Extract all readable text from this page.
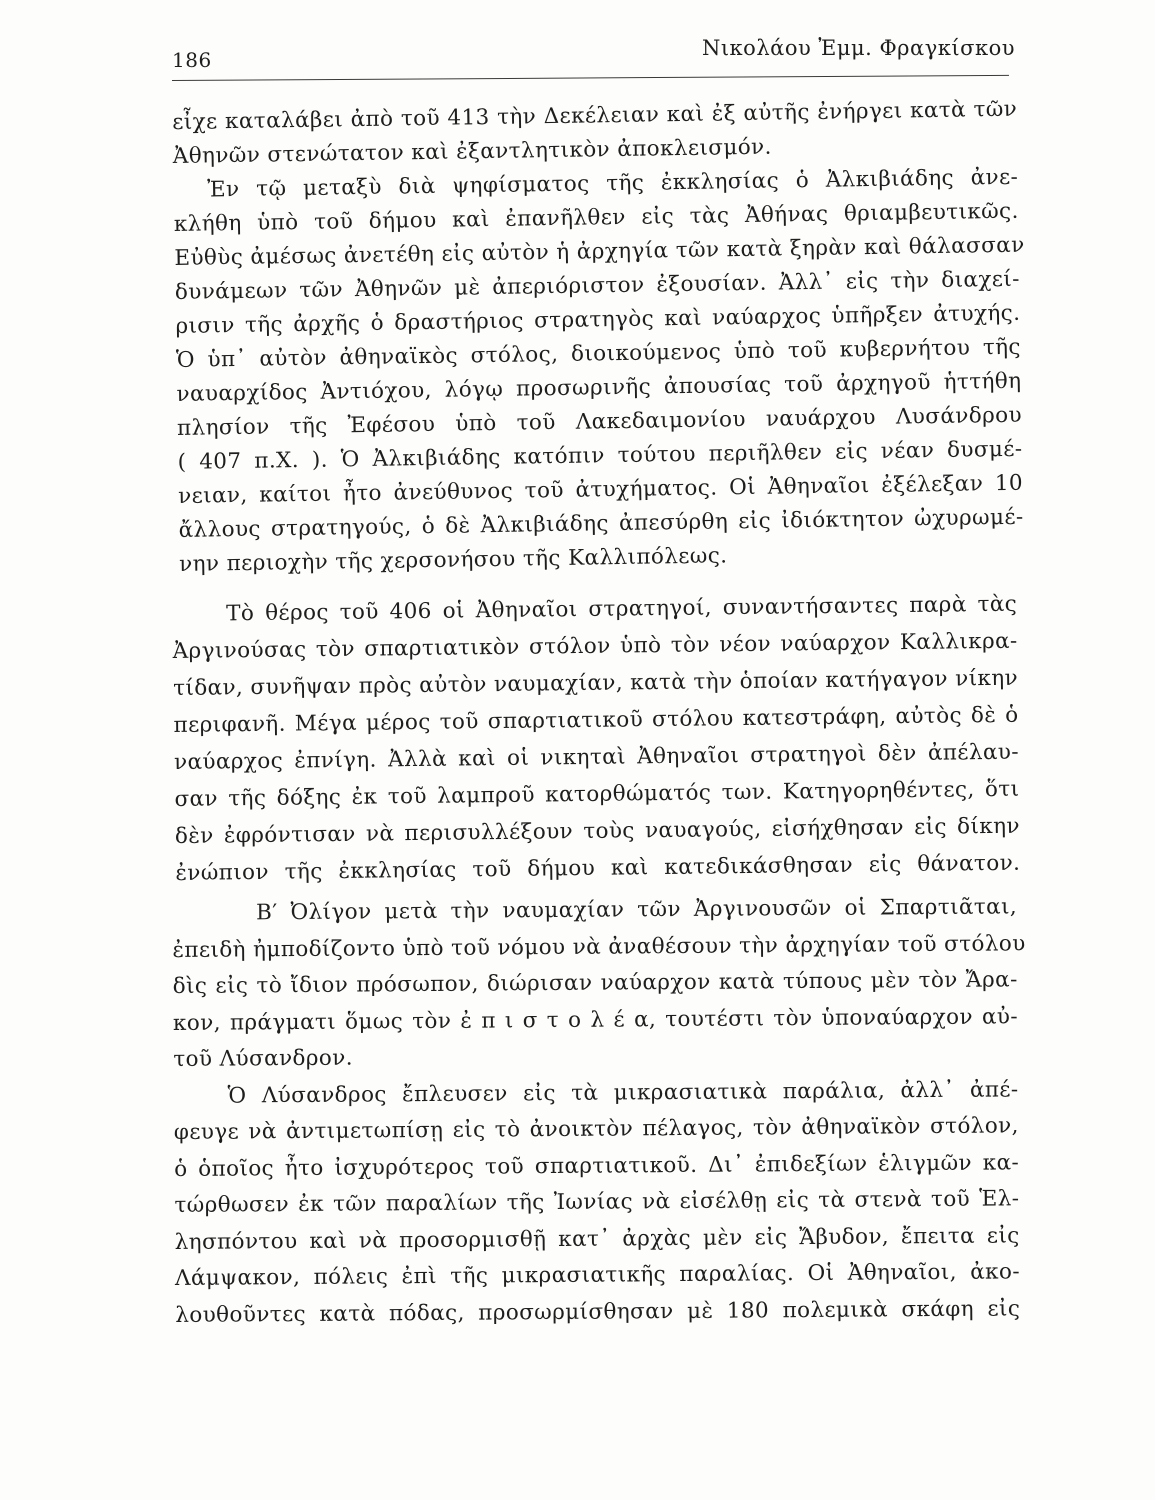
186	Νικολάου Ἐμμ. Φραγκίσκου
εἶχε καταλάβει ἀπὸ τοῦ 413 τὴν Δεκέλειαν καὶ ἐξ αὐτῆς ἐνήργει κατὰ τῶν
Ἀθηνῶν στενώτατον καὶ ἐξαντλητικὸν ἀποκλεισμόν.
Ἐν τῷ μεταξὺ διὰ ψηφίσματος τῆς ἐκκλησίας ὁ Ἀλκιβιάδης ἀνε-
κλήθη ὑπὸ τοῦ δήμου καὶ ἐπανῆλθεν εἰς τὰς Ἀθήνας θριαμβευτικῶς.
Εὐθὺς ἀμέσως ἀνετέθη εἰς αὐτὸν ἡ ἀρχηγία τῶν κατὰ ξηρὰν καὶ θάλασσαν
δυνάμεων τῶν Ἀθηνῶν μὲ ἀπεριόριστον ἐξουσίαν. Ἀλλ᾽ εἰς τὴν διαχεί-
ρισιν τῆς ἀρχῆς ὁ δραστήριος στρατηγὸς καὶ ναύαρχος ὑπῆρξεν ἀτυχής.
Ὁ ὑπ᾽ αὐτὸν ἀθηναϊκὸς στόλος, διοικούμενος ὑπὸ τοῦ κυβερνήτου τῆς
ναυαρχίδος Ἀντιόχου, λόγῳ προσωρινῆς ἀπουσίας τοῦ ἀρχηγοῦ ἡττήθη
πλησίον τῆς Ἐφέσου ὑπὸ τοῦ Λακεδαιμονίου ναυάρχου Λυσάνδρου
( 407 π.Χ. ). Ὁ Ἀλκιβιάδης κατόπιν τούτου περιῆλθεν εἰς νέαν δυσμέ-
νειαν, καίτοι ἦτο ἀνεύθυνος τοῦ ἀτυχήματος. Οἱ Ἀθηναῖοι ἐξέλεξαν 10
ἄλλους στρατηγούς, ὁ δὲ Ἀλκιβιάδης ἀπεσύρθη εἰς ἰδιόκτητον ὠχυρωμέ-
νην περιοχὴν τῆς χερσονήσου τῆς Καλλιπόλεως.
Τὸ θέρος τοῦ 406 οἱ Ἀθηναῖοι στρατηγοί, συναντήσαντες παρὰ τὰς
Ἀργινούσας τὸν σπαρτιατικὸν στόλον ὑπὸ τὸν νέον ναύαρχον Καλλικρα-
τίδαν, συνῆψαν πρὸς αὐτὸν ναυμαχίαν, κατὰ τὴν ὁποίαν κατήγαγον νίκην
περιφανῆ. Μέγα μέρος τοῦ σπαρτιατικοῦ στόλου κατεστράφη, αὐτὸς δὲ ὁ
ναύαρχος ἐπνίγη. Ἀλλὰ καὶ οἱ νικηταὶ Ἀθηναῖοι στρατηγοὶ δὲν ἀπέλαυ-
σαν τῆς δόξης ἐκ τοῦ λαμπροῦ κατορθώματός των. Κατηγορηθέντες, ὅτι
δὲν ἐφρόντισαν νὰ περισυλλέξουν τοὺς ναυαγούς, εἰσήχθησαν εἰς δίκην
ἐνώπιον τῆς ἐκκλησίας τοῦ δήμου καὶ κατεδικάσθησαν εἰς θάνατον.
Β′ Ὀλίγον μετὰ τὴν ναυμαχίαν τῶν Ἀργινουσῶν οἱ Σπαρτιᾶται,
ἐπειδὴ ἠμποδίζοντο ὑπὸ τοῦ νόμου νὰ ἀναθέσουν τὴν ἀρχηγίαν τοῦ στόλου
δὶς εἰς τὸ ἴδιον πρόσωπον, διώρισαν ναύαρχον κατὰ τύπους μὲν τὸν Ἄρα-
κον, πράγματι ὅμως τὸν ἐ π ι σ τ ο λ έ α, τουτέστι τὸν ὑποναύαρχον αὐ-
τοῦ Λύσανδρον.
Ὁ Λύσανδρος ἔπλευσεν εἰς τὰ μικρασιατικὰ παράλια, ἀλλ᾽ ἀπέ-
φευγε νὰ ἀντιμετωπίσῃ εἰς τὸ ἀνοικτὸν πέλαγος, τὸν ἀθηναϊκὸν στόλον,
ὁ ὁποῖος ἦτο ἰσχυρότερος τοῦ σπαρτιατικοῦ. Δι᾽ ἐπιδεξίων ἑλιγμῶν κα-
τώρθωσεν ἐκ τῶν παραλίων τῆς Ἰωνίας νὰ εἰσέλθῃ εἰς τὰ στενὰ τοῦ Ἑλ-
λησπόντου καὶ νὰ προσορμισθῇ κατ᾽ ἀρχὰς μὲν εἰς Ἄβυδον, ἔπειτα εἰς
Λάμψακον, πόλεις ἐπὶ τῆς μικρασιατικῆς παραλίας. Οἱ Ἀθηναῖοι, ἀκο-
λουθοῦντες κατὰ πόδας, προσωρμίσθησαν μὲ 180 πολεμικὰ σκάφη εἰς
